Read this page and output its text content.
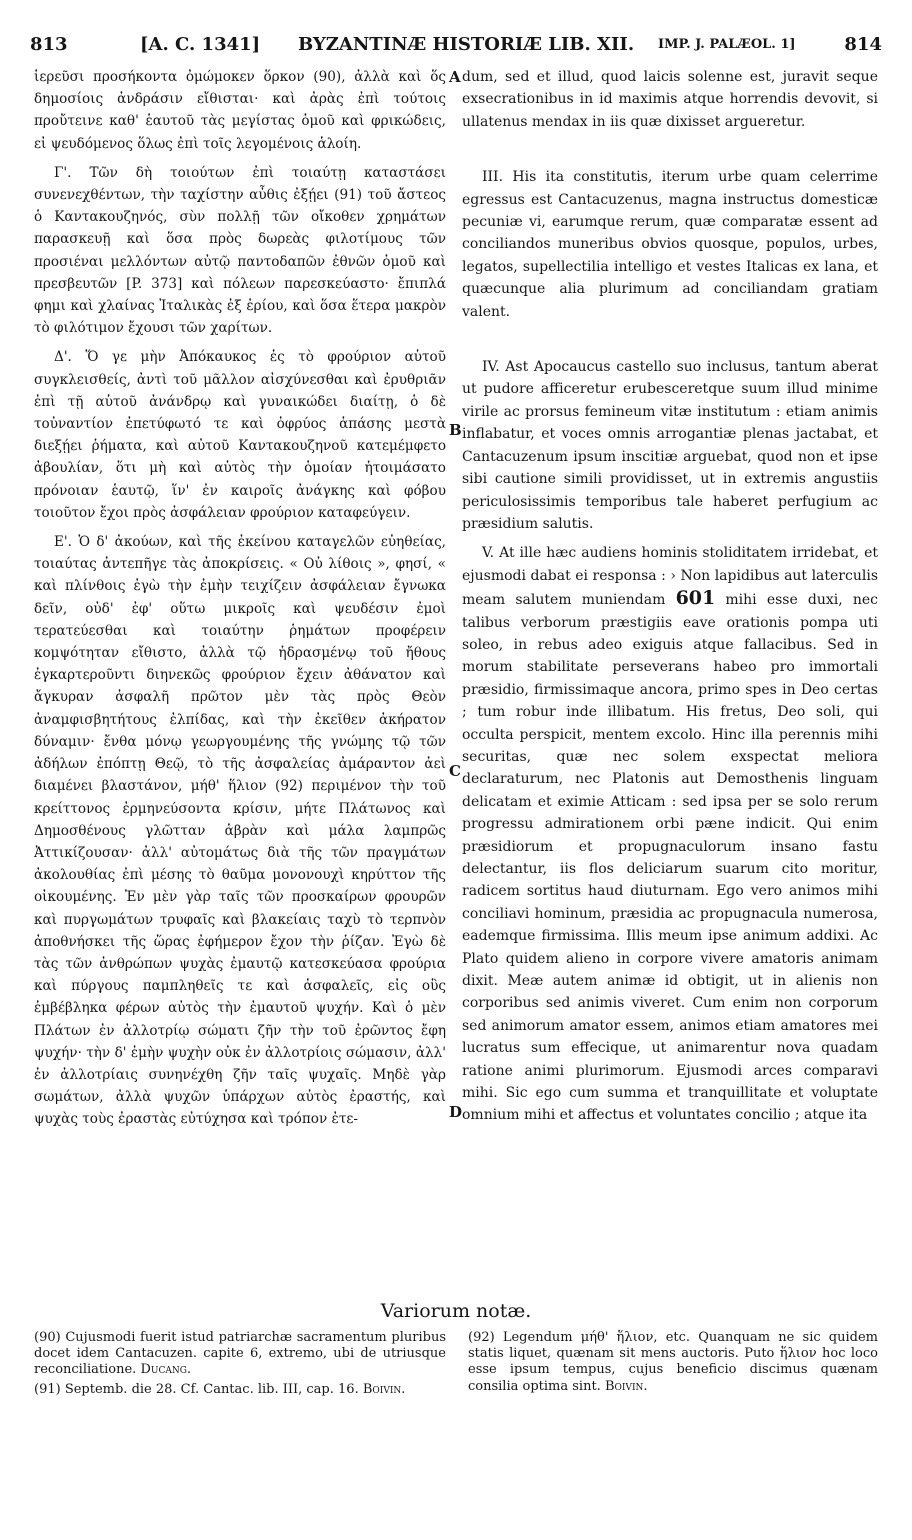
813	[A. C. 1341] BYZANTINÆ HISTORIÆ LIB. XII. IMP. J. PALÆOL. 1]	814

ἱερεῦσι προσήκοντα ὀμώμοκεν ὅρκον (90), ἀλλὰ καὶ ὅς δημοσίοις ἀνδράσιν εἴθισται· καὶ ἀρὰς ἐπὶ τούτοις προὔτεινε καθ' ἑαυτοῦ τὰς μεγίστας ὁμοῦ καὶ φρικώδεις, εἰ ψευδόμενος ὅλως ἐπὶ τοῖς λεγομένοις ἁλοίη.

Γ'. Τῶν δὴ τοιούτων ἐπὶ τοιαύτῃ καταστάσει συνενεχθέντων, τὴν ταχίστην αὖθις ἐξῄει (91) τοῦ ἄστεος ὁ Καντακουζηνός, σὺν πολλῇ τῶν οἴκοθεν χρημάτων παρασκευῇ καὶ ὅσα πρὸς δωρεὰς φιλοτίμους τῶν προσιέναι μελλόντων αὐτῷ παντοδαπῶν ἐθνῶν ὁμοῦ καὶ πρεσβευτῶν [P. 373] καὶ πόλεων παρεσκεύαστο· ἔπιπλά φημι καὶ χλαίνας Ἰταλικὰς ἐξ ἐρίου, καὶ ὅσα ἕτερα μακρὸν τὸ φιλότιμον ἔχουσι τῶν χαρίτων.

Δ'. Ὅ γε μὴν Ἀπόκαυκος ἐς τὸ φρούριον αὑτοῦ συγκλεισθείς, ἀντὶ τοῦ μᾶλλον αἰσχύνεσθαι καὶ ἐρυθριᾶν ἐπὶ τῇ αὑτοῦ ἀνάνδρῳ καὶ γυναικώδει διαίτῃ, ὁ δὲ τοὐναντίον ἐπετύφωτό τε καὶ ὀφρύος ἁπάσης μεστὰ διεξῄει ῥήματα, καὶ αὐτοῦ Καντακουζηνοῦ κατεμέμφετο ἀβουλίαν, ὅτι μὴ καὶ αὐτὸς τὴν ὁμοίαν ἡτοιμάσατο πρόνοιαν ἑαυτῷ, ἵν' ἐν καιροῖς ἀνάγκης καὶ φόβου τοιοῦτον ἔχοι πρὸς ἀσφάλειαν φρούριον καταφεύγειν.

Ε'. Ὁ δ' ἀκούων, καὶ τῆς ἐκείνου καταγελῶν εὐηθείας, τοιαύτας ἀντεπῆγε τὰς ἀποκρίσεις. « Οὐ λίθοις », φησί, « καὶ πλίνθοις ἐγὼ τὴν ἐμὴν τειχίζειν ἀσφάλειαν ἔγνωκα δεῖν, οὐδ' ἐφ' οὕτω μικροῖς καὶ ψευδέσιν ἐμοὶ τερατεύεσθαι καὶ τοιαύτην ῥημάτων προφέρειν κομψότηταν εἴθιστο, ἀλλὰ τῷ ἡδρασμένῳ τοῦ ἤθους ἐγκαρτεροῦντι διηνεκῶς φρούριον ἔχειν ἀθάνατον καὶ ἄγκυραν ἀσφαλῆ πρῶτον μὲν τὰς πρὸς Θεὸν ἀναμφισβητήτους ἐλπίδας, καὶ τὴν ἐκεῖθεν ἀκήρατον δύναμιν· ἔνθα μόνῳ γεωργουμένης τῆς γνώμης τῷ τῶν ἀδήλων ἐπόπτῃ Θεῷ, τὸ τῆς ἀσφαλείας ἀμάραντον ἀεὶ διαμένει βλαστάνον, μήθ' ἥλιον (92) περιμένον τὴν τοῦ κρείττονος ἐρμηνεύσοντα κρίσιν, μήτε Πλάτωνος καὶ Δημοσθένους γλῶτταν ἁβρὰν καὶ μάλα λαμπρῶς Ἀττικίζουσαν· ἀλλ' αὐτομάτως διὰ τῆς τῶν πραγμάτων ἀκολουθίας ἐπὶ μέσης τὸ θαῦμα μονονουχὶ κηρύττον τῆς οἰκουμένης. Ἐν μὲν γὰρ ταῖς τῶν προσκαίρων φρουρῶν καὶ πυργωμάτων τρυφαῖς καὶ βλακείαις ταχὺ τὸ τερπνὸν ἀποθνήσκει τῆς ὥρας ἐφήμερον ἔχον τὴν ῥίζαν. Ἐγὼ δὲ τὰς τῶν ἀνθρώπων ψυχὰς ἐμαυτῷ κατεσκεύασα φρούρια καὶ πύργους παμπληθεῖς τε καὶ ἀσφαλεῖς, εἰς οὓς ἐμβέβληκα φέρων αὐτὸς τὴν ἐμαυτοῦ ψυχήν. Καὶ ὁ μὲν Πλάτων ἐν ἀλλοτρίῳ σώματι ζῆν τὴν τοῦ ἐρῶντος ἔφη ψυχήν· τὴν δ' ἐμὴν ψυχὴν οὐκ ἐν ἀλλοτρίοις σώμασιν, ἀλλ' ἐν ἀλλοτρίαις συνηνέχθη ζῆν ταῖς ψυχαῖς. Μηδὲ γὰρ σωμάτων, ἀλλὰ ψυχῶν ὑπάρχων αὐτὸς ἐραστής, καὶ ψυχὰς τοὺς ἐραστὰς εὐτύχησα καὶ τρόπον ἐτε-

dum, sed et illud, quod laicis solenne est, juravit seque exsecrationibus in id maximis atque horrendis devovit, si ullatenus mendax in iis quæ dixisset argueretur.

III. His ita constitutis, iterum urbe quam celerrime egressus est Cantacuzenus, magna instructus domesticæ pecuniæ vi, earumque rerum, quæ comparatæ essent ad conciliandos muneribus obvios quosque, populos, urbes, legatos, supellectilia intelligo et vestes Italicas ex lana, et quæcunque alia plurimum ad conciliandam gratiam valent.

IV. Ast Apocaucus castello suo inclusus, tantum aberat ut pudore afficeretur erubesceretque suum illud minime virile ac prorsus femineum vitæ institutum : etiam animis inflabatur, et voces omnis arrogantiæ plenas jactabat, et Cantacuzenum ipsum inscitiæ arguebat, quod non et ipse sibi cautione simili providisset, ut in extremis angustiis periculosissimis temporibus tale haberet perfugium ac præsidium salutis.

V. At ille hæc audiens hominis stoliditatem irridebat, et ejusmodi dabat ei responsa : › Non lapidibus aut laterculis meam salutem muniendam 601 mihi esse duxi, nec talibus verborum præstigiis eave orationis pompa uti soleo, in rebus adeo exiguis atque fallacibus. Sed in morum stabilitate perseverans habeo pro immortali præsidio, firmissimaque ancora, primo spes in Deo certas ; tum robur inde illibatum. His fretus, Deo soli, qui occulta perspicit, mentem excolo. Hinc illa perennis mihi securitas, quæ nec solem exspectat meliora declaraturum, nec Platonis aut Demosthenis linguam delicatam et eximie Atticam : sed ipsa per se solo rerum progressu admirationem orbi pæne indicit. Qui enim præsidiorum et propugnaculorum insano fastu delectantur, iis flos deliciarum suarum cito moritur, radicem sortitus haud diuturnam. Ego vero animos mihi conciliavi hominum, præsidia ac propugnacula numerosa, eademque firmissima. Illis meum ipse animum addixi. Ac Plato quidem alieno in corpore vivere amatoris animam dixit. Meæ autem animæ id obtigit, ut in alienis non corporibus sed animis viveret. Cum enim non corporum sed animorum amator essem, animos etiam amatores mei lucratus sum effecique, ut animarentur nova quadam ratione animi plurimorum. Ejusmodi arces comparavi mihi. Sic ego cum summa et tranquillitate et voluptate omnium mihi et affectus et voluntates concilio ; atque ita

A
B
C
D
Variorum notæ.

(90) Cujusmodi fuerit istud patriarchæ sacramentum pluribus docet idem Cantacuzen. capite 6, extremo, ubi de utriusque reconciliatione. Ducang.

(91) Septemb. die 28. Cf. Cantac. lib. III, cap. 16. Boivin.

(92) Legendum μήθ' ἥλιον, etc. Quanquam ne sic quidem statis liquet, quænam sit mens auctoris. Puto ἥλιον hoc loco esse ipsum tempus, cujus beneficio discimus quænam consilia optima sint. Boivin.
